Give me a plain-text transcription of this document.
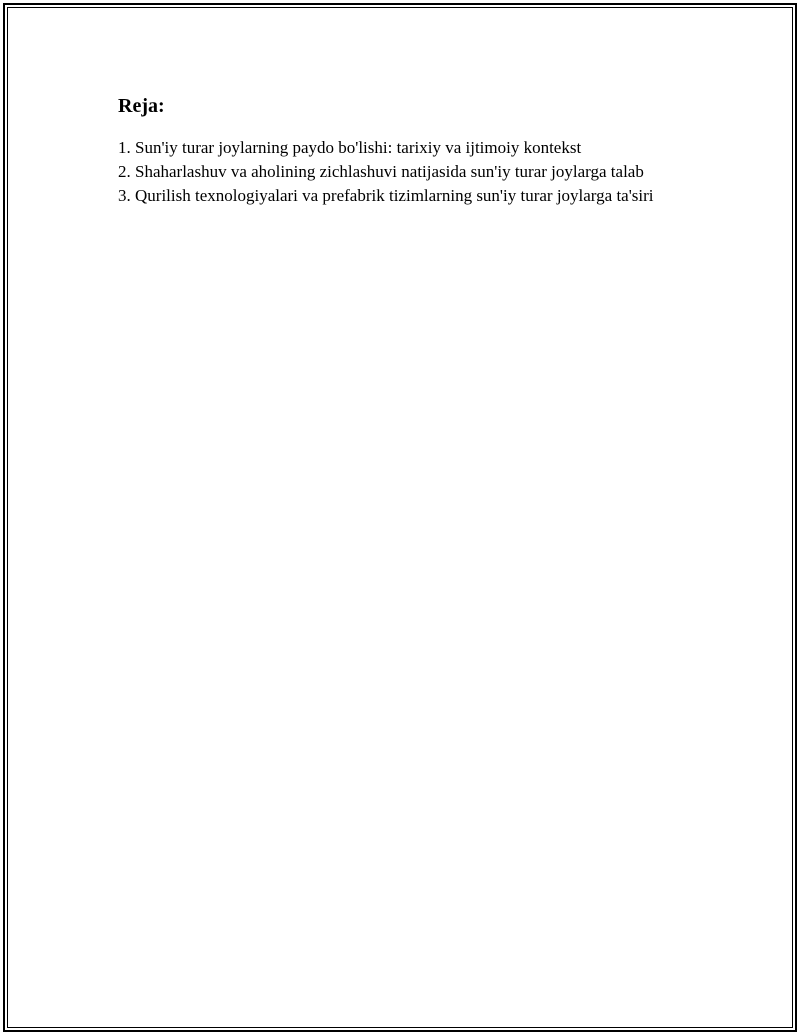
Reja:
1. Sun'iy turar joylarning paydo bo'lishi: tarixiy va ijtimoiy kontekst
2. Shaharlashuv va aholining zichlashuvi natijasida sun'iy turar joylarga talab
3. Qurilish texnologiyalari va prefabrik tizimlarning sun'iy turar joylarga ta'siri
